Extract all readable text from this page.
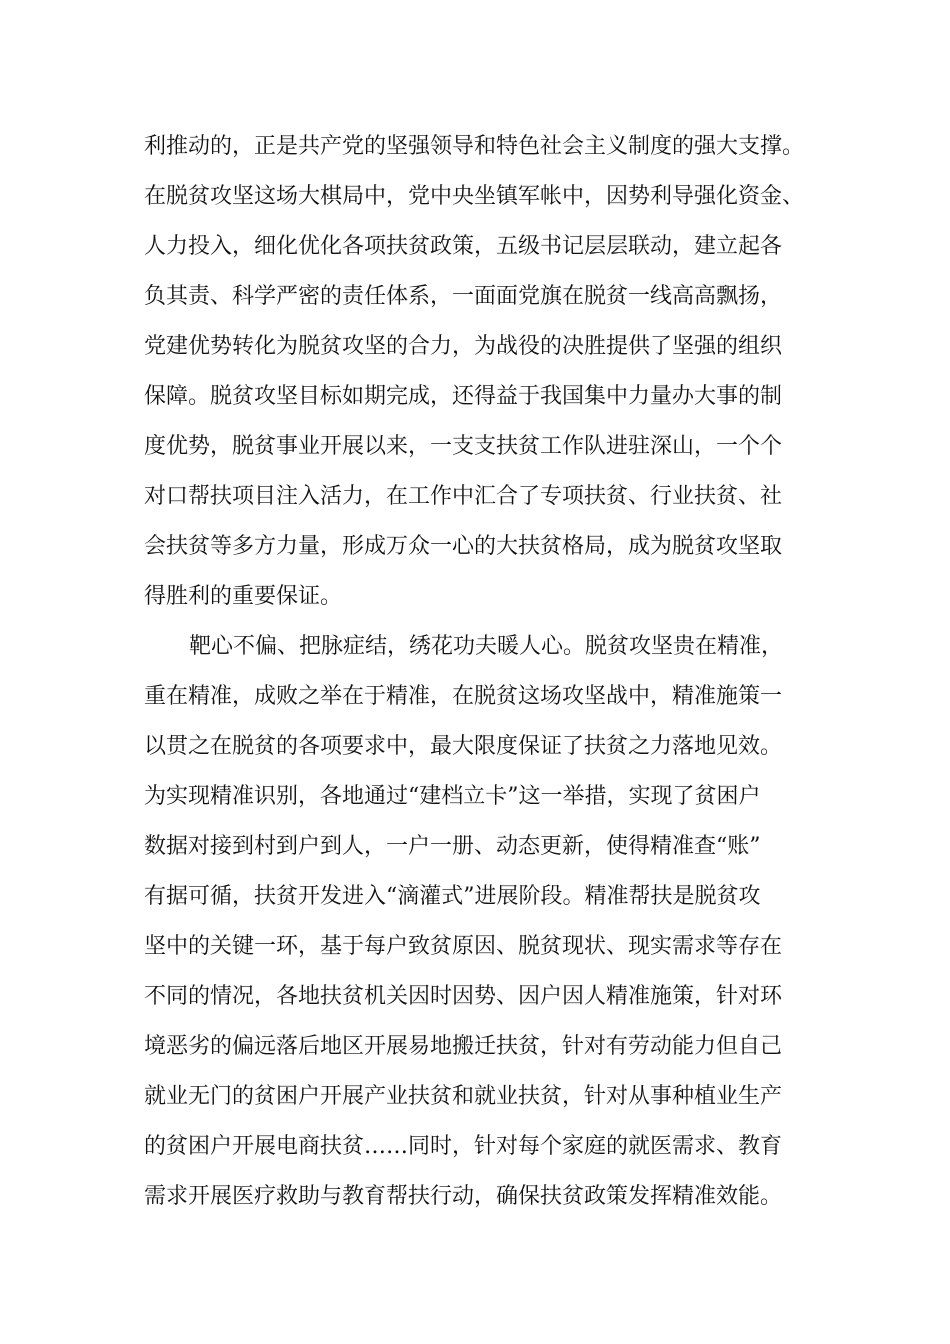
利推动的，正是共产党的坚强领导和特色社会主义制度的强大支撑。
在脱贫攻坚这场大棋局中，党中央坐镇军帐中，因势利导强化资金、
人力投入，细化优化各项扶贫政策，五级书记层层联动，建立起各
负其责、科学严密的责任体系，一面面党旗在脱贫一线高高飘扬，
党建优势转化为脱贫攻坚的合力，为战役的决胜提供了坚强的组织
保障。脱贫攻坚目标如期完成，还得益于我国集中力量办大事的制
度优势，脱贫事业开展以来，一支支扶贫工作队进驻深山，一个个
对口帮扶项目注入活力，在工作中汇合了专项扶贫、行业扶贫、社
会扶贫等多方力量，形成万众一心的大扶贫格局，成为脱贫攻坚取
得胜利的重要保证。
靶心不偏、把脉症结，绣花功夫暖人心。脱贫攻坚贵在精准，
重在精准，成败之举在于精准，在脱贫这场攻坚战中，精准施策一
以贯之在脱贫的各项要求中，最大限度保证了扶贫之力落地见效。
为实现精准识别，各地通过“建档立卡”这一举措，实现了贫困户
数据对接到村到户到人，一户一册、动态更新，使得精准查“账”
有据可循，扶贫开发进入“滴灌式”进展阶段。精准帮扶是脱贫攻
坚中的关键一环，基于每户致贫原因、脱贫现状、现实需求等存在
不同的情况，各地扶贫机关因时因势、因户因人精准施策，针对环
境恶劣的偏远落后地区开展易地搬迁扶贫，针对有劳动能力但自己
就业无门的贫困户开展产业扶贫和就业扶贫，针对从事种植业生产
的贫困户开展电商扶贫……同时，针对每个家庭的就医需求、教育
需求开展医疗救助与教育帮扶行动，确保扶贫政策发挥精准效能。
